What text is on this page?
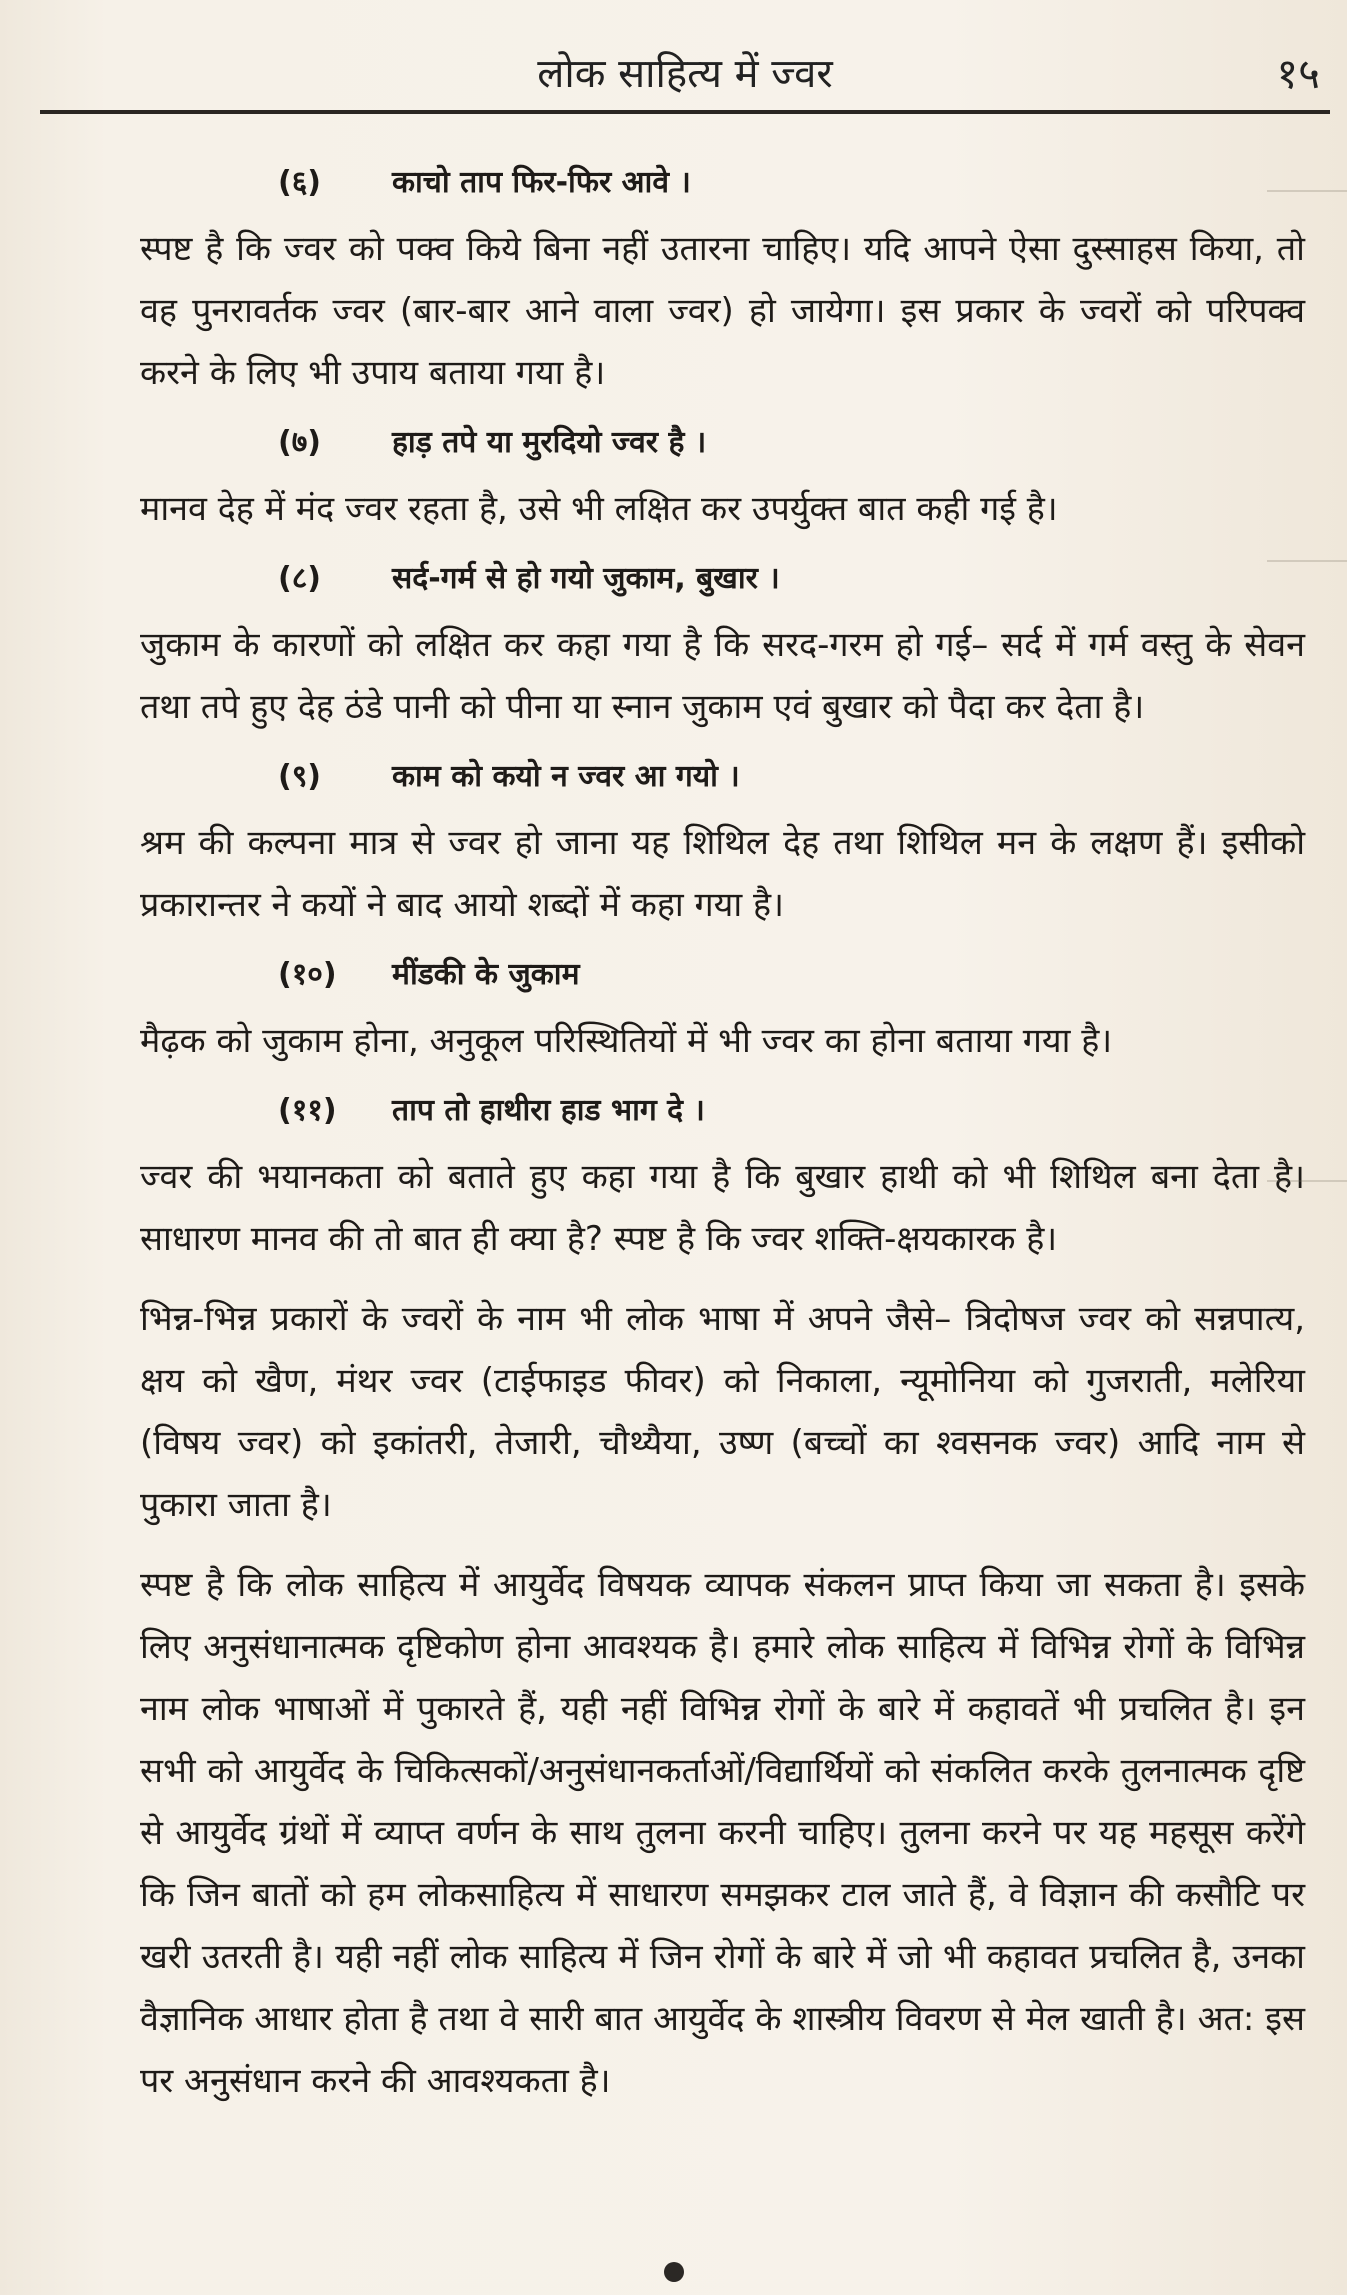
लोक साहित्य में ज्वर	१५
(६) काचो ताप फिर-फिर आवे ।

स्पष्ट है कि ज्वर को पक्व किये बिना नहीं उतारना चाहिए। यदि आपने ऐसा दुस्साहस किया, तो वह पुनरावर्तक ज्वर (बार-बार आने वाला ज्वर) हो जायेगा। इस प्रकार के ज्वरों को परिपक्व करने के लिए भी उपाय बताया गया है।

(७) हाड़ तपे या मुरदियो ज्वर है ।

मानव देह में मंद ज्वर रहता है, उसे भी लक्षित कर उपर्युक्त बात कही गई है।

(८) सर्द-गर्म से हो गयो जुकाम, बुखार ।

जुकाम के कारणों को लक्षित कर कहा गया है कि सरद-गरम हो गई– सर्द में गर्म वस्तु के सेवन तथा तपे हुए देह ठंडे पानी को पीना या स्नान जुकाम एवं बुखार को पैदा कर देता है।

(९) काम को कयो न ज्वर आ गयो ।

श्रम की कल्पना मात्र से ज्वर हो जाना यह शिथिल देह तथा शिथिल मन के लक्षण हैं। इसीको प्रकारान्तर ने कयों ने बाद आयो शब्दों में कहा गया है।

(१०) मींडकी के जुकाम

मैढ़क को जुकाम होना, अनुकूल परिस्थितियों में भी ज्वर का होना बताया गया है।

(११) ताप तो हाथीरा हाड भाग दे ।

ज्वर की भयानकता को बताते हुए कहा गया है कि बुखार हाथी को भी शिथिल बना देता है। साधारण मानव की तो बात ही क्या है? स्पष्ट है कि ज्वर शक्ति-क्षयकारक है।

भिन्न-भिन्न प्रकारों के ज्वरों के नाम भी लोक भाषा में अपने जैसे– त्रिदोषज ज्वर को सन्नपात्य, क्षय को खैण, मंथर ज्वर (टाईफाइड फीवर) को निकाला, न्यूमोनिया को गुजराती, मलेरिया (विषय ज्वर) को इकांतरी, तेजारी, चौथ्यैया, उष्ण (बच्चों का श्वसनक ज्वर) आदि नाम से पुकारा जाता है।

स्पष्ट है कि लोक साहित्य में आयुर्वेद विषयक व्यापक संकलन प्राप्त किया जा सकता है। इसके लिए अनुसंधानात्मक दृष्टिकोण होना आवश्यक है। हमारे लोक साहित्य में विभिन्न रोगों के विभिन्न नाम लोक भाषाओं में पुकारते हैं, यही नहीं विभिन्न रोगों के बारे में कहावतें भी प्रचलित है। इन सभी को आयुर्वेद के चिकित्सकों/अनुसंधानकर्ताओं/विद्यार्थियों को संकलित करके तुलनात्मक दृष्टि से आयुर्वेद ग्रंथों में व्याप्त वर्णन के साथ तुलना करनी चाहिए। तुलना करने पर यह महसूस करेंगे कि जिन बातों को हम लोकसाहित्य में साधारण समझकर टाल जाते हैं, वे विज्ञान की कसौटि पर खरी उतरती है। यही नहीं लोक साहित्य में जिन रोगों के बारे में जो भी कहावत प्रचलित है, उनका वैज्ञानिक आधार होता है तथा वे सारी बात आयुर्वेद के शास्त्रीय विवरण से मेल खाती है। अत: इस पर अनुसंधान करने की आवश्यकता है।
